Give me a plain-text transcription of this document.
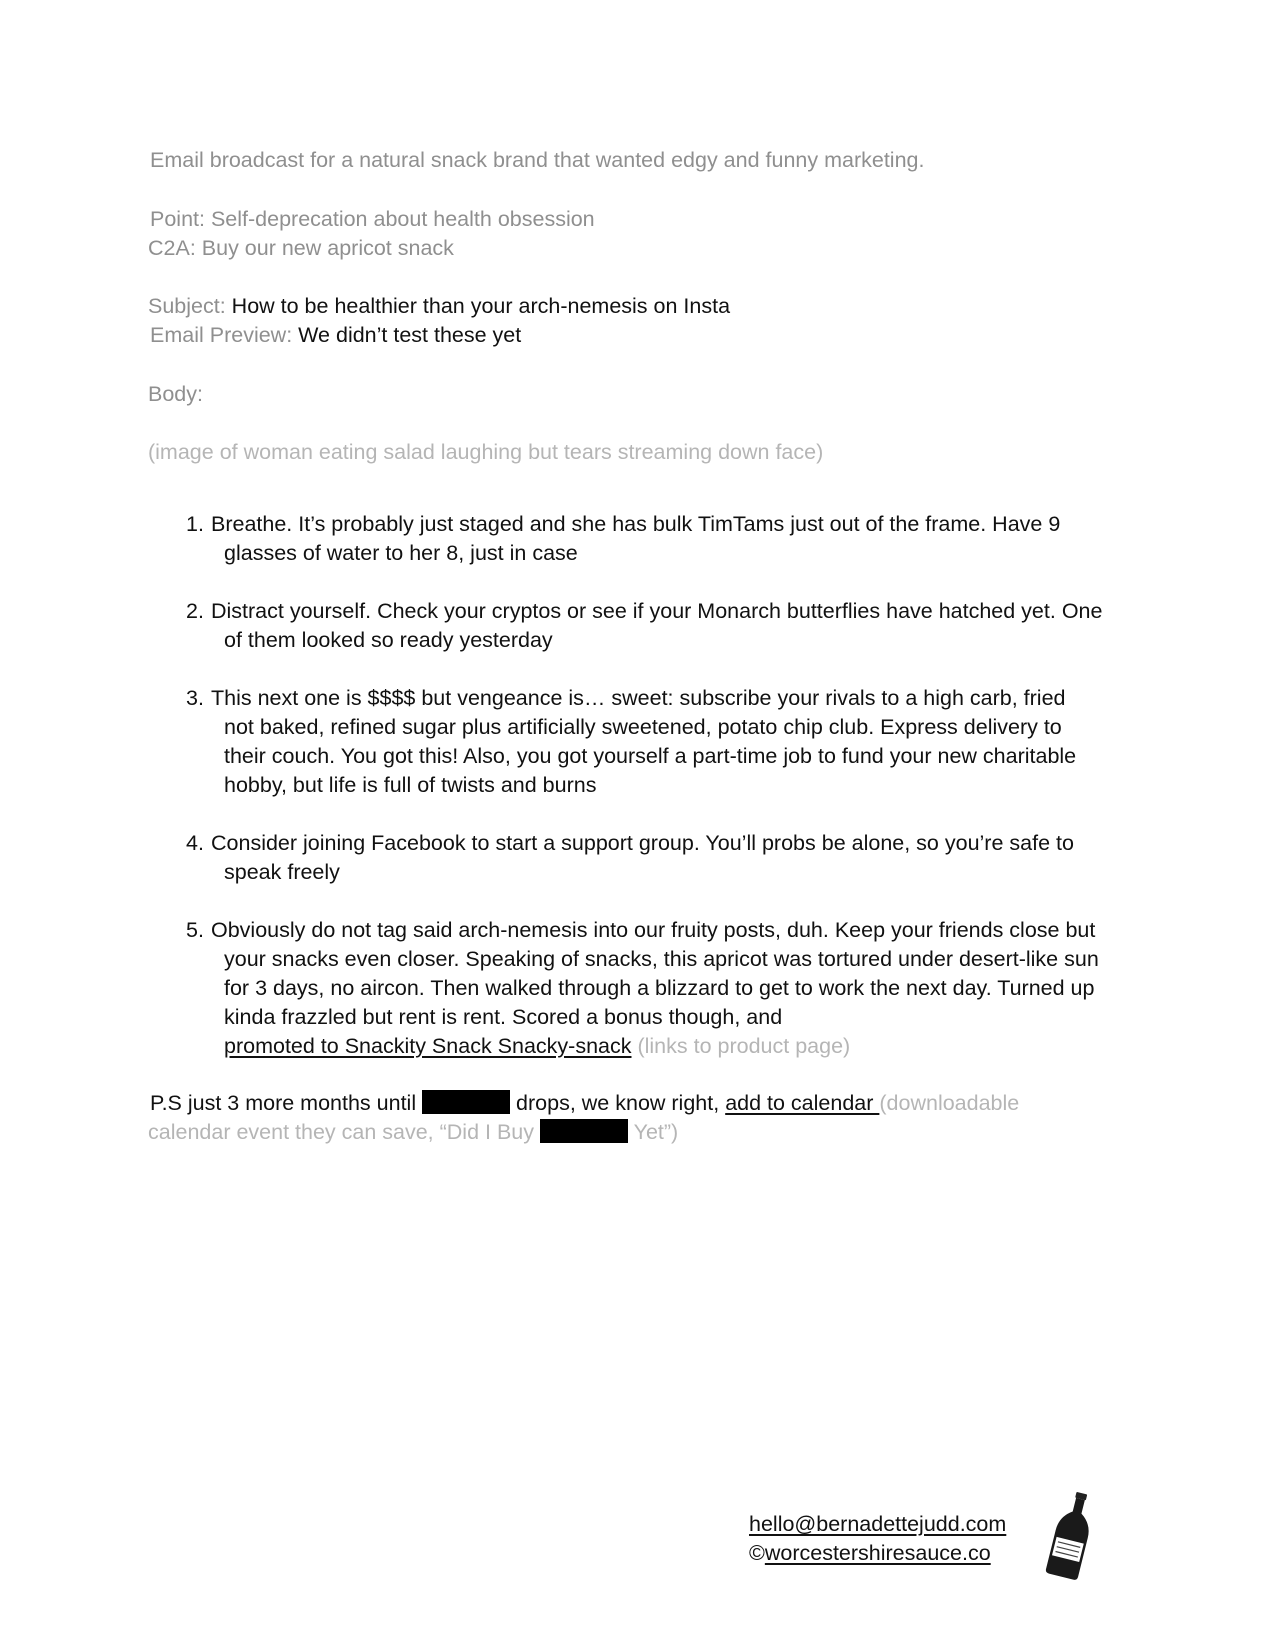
Email broadcast for a natural snack brand that wanted edgy and funny marketing.
Point: Self-deprecation about health obsession
C2A: Buy our new apricot snack
Subject: How to be healthier than your arch-nemesis on Insta
Email Preview: We didn’t test these yet
Body:
(image of woman eating salad laughing but tears streaming down face)
1. Breathe. It’s probably just staged and she has bulk TimTams just out of the frame. Have 9 glasses of water to her 8, just in case
2. Distract yourself. Check your cryptos or see if your Monarch butterflies have hatched yet. One of them looked so ready yesterday
3. This next one is $$$$ but vengeance is… sweet: subscribe your rivals to a high carb, fried not baked, refined sugar plus artificially sweetened, potato chip club. Express delivery to their couch. You got this! Also, you got yourself a part-time job to fund your new charitable hobby, but life is full of twists and burns
4. Consider joining Facebook to start a support group. You’ll probs be alone, so you’re safe to speak freely
5. Obviously do not tag said arch-nemesis into our fruity posts, duh. Keep your friends close but your snacks even closer. Speaking of snacks, this apricot was tortured under desert-like sun for 3 days, no aircon. Then walked through a blizzard to get to work the next day. Turned up kinda frazzled but rent is rent. Scored a bonus though, and
promoted to Snackity Snack Snacky-snack (links to product page)
P.S just 3 more months until	drops, we know right, add to calendar (downloadable
calendar event they can save, “Did I Buy	Yet”)
hello@bernadettejudd.com
©worcestershiresauce.co
